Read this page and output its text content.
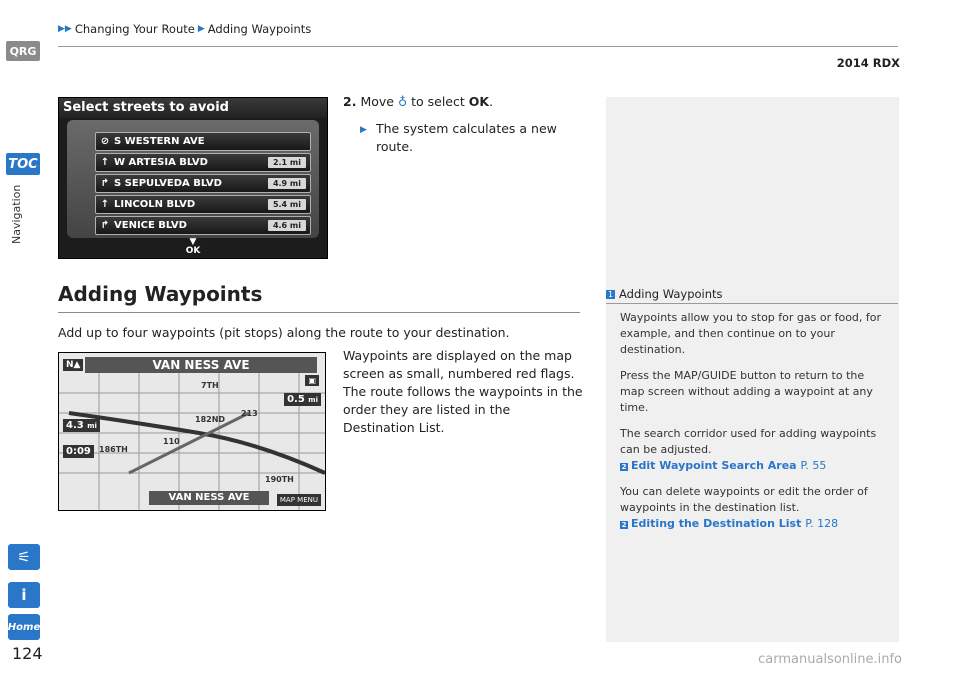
▶▶ Changing Your Route ▶ Adding Waypoints
2014 RDX
QRG
TOC
Navigation
⚟
i
Home
124
Select streets to avoid
⊘ S WESTERN AVE
↑ W ARTESIA BLVD	2.1 mi
↱ S SEPULVEDA BLVD	4.9 mi
↑ LINCOLN BLVD	5.4 mi
↱ VENICE BLVD	4.6 mi
▼
OK
2. Move ♁ to select OK.
▶ The system calculates a new route.
Adding Waypoints
Add up to four waypoints (pit stops) along the route to your destination.
VAN NESS AVE
VAN NESS AVE
7TH
182ND
186TH
190TH
213
110
N▲
4.3 mi
0:09
0.5 mi
▣
MAP MENU
Waypoints are displayed on the map screen as small, numbered red flags. The route follows the waypoints in the order they are listed in the Destination List.
1 Adding Waypoints
Waypoints allow you to stop for gas or food, for example, and then continue on to your destination.
Press the MAP/GUIDE button to return to the map screen without adding a waypoint at any time.
The search corridor used for adding waypoints can be adjusted.
2 Edit Waypoint Search Area P. 55
You can delete waypoints or edit the order of waypoints in the destination list.
2 Editing the Destination List P. 128
carmanualsonline.info
